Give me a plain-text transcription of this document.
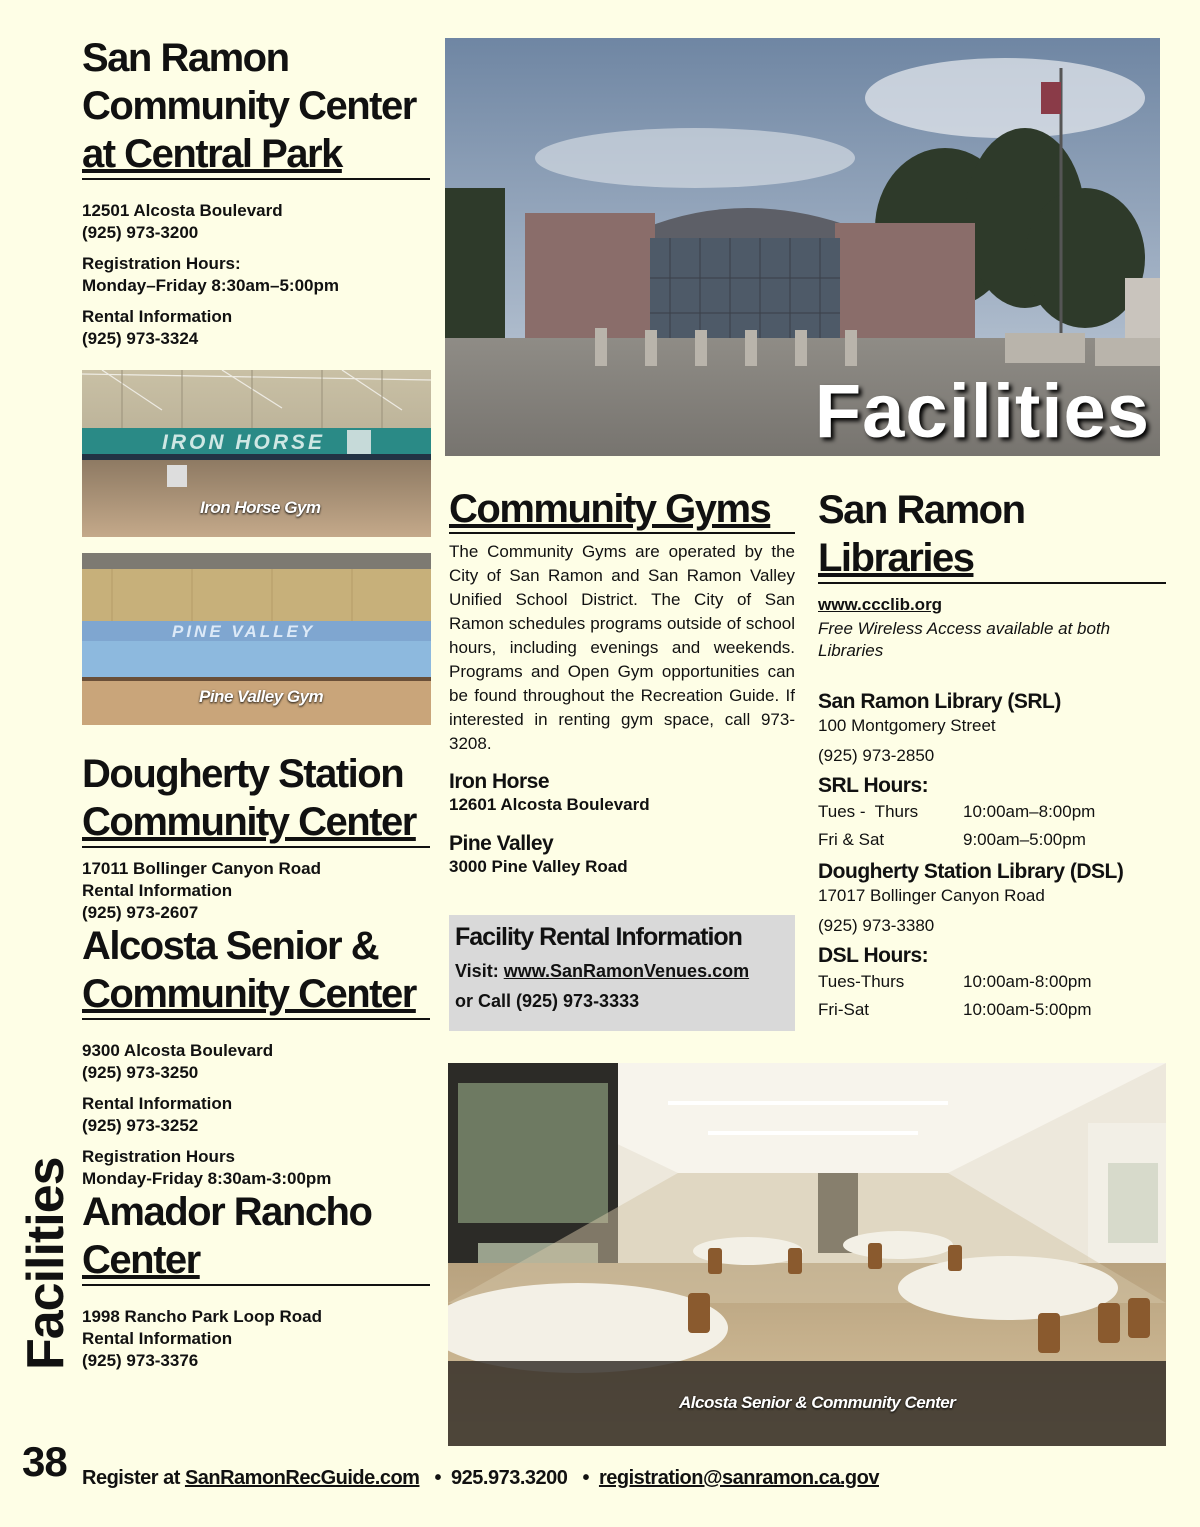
San Ramon
Community Center
at Central Park

12501 Alcosta Boulevard
(925) 973-3200

Registration Hours:
Monday–Friday 8:30am–5:00pm

Rental Information
(925) 973-3324

IRON HORSE
Iron Horse Gym
PINE VALLEY
Pine Valley Gym
Dougherty Station
Community Center
17011 Bollinger Canyon Road
Rental Information
(925) 973-2607
Alcosta Senior &
Community Center

9300 Alcosta Boulevard
(925) 973-3250

Rental Information
(925) 973-3252

Registration Hours
Monday-Friday 8:30am-3:00pm

Amador Rancho
Center
1998 Rancho Park Loop Road
Rental Information
(925) 973-3376
Facilities
38
Facilities
Community Gyms
The Community Gyms are operated by the City of San Ramon and San Ramon Valley Unified School District. The City of San Ramon schedules programs outside of school hours, including evenings and weekends. Programs and Open Gym opportunities can be found throughout the Recreation Guide. If interested in renting gym space, call 973-3208.
Iron Horse
12601 Alcosta Boulevard
Pine Valley
3000 Pine Valley Road
Facility Rental Information
Visit: www.SanRamonVenues.com
or Call (925) 973-3333
San Ramon
Libraries
www.ccclib.org
Free Wireless Access available at both Libraries
San Ramon Library (SRL)
100 Montgomery Street
(925) 973-2850
SRL Hours:
Tues -  Thurs	10:00am–8:00pm
Fri & Sat	9:00am–5:00pm
Dougherty Station Library (DSL)
17017 Bollinger Canyon Road
(925) 973-3380
DSL Hours:
Tues-Thurs	10:00am-8:00pm
Fri-Sat	10:00am-5:00pm
Alcosta Senior & Community Center
Register at SanRamonRecGuide.com • 925.973.3200 • registration@sanramon.ca.gov
